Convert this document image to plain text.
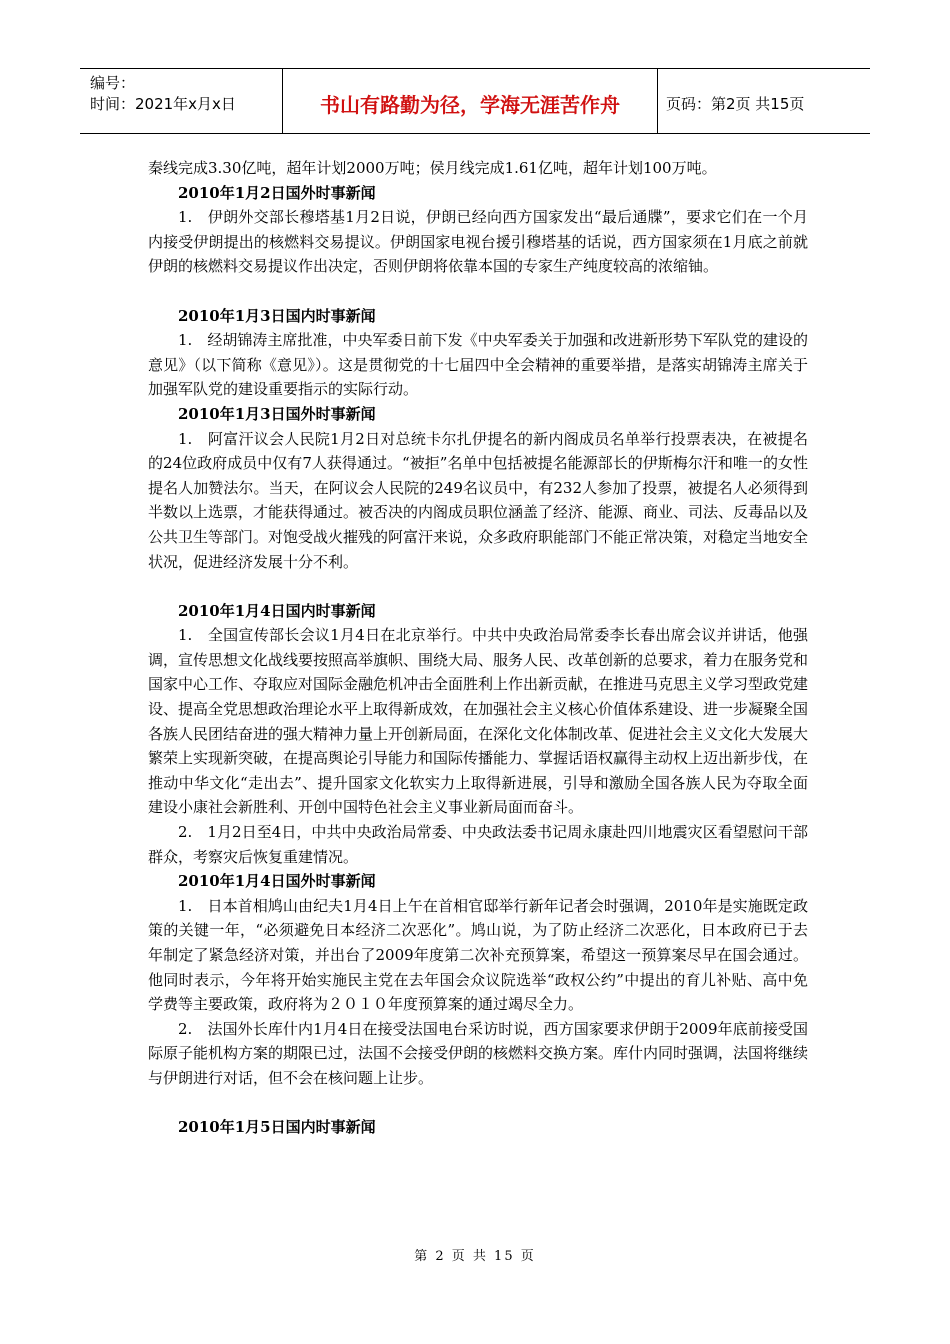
编号：
时间：2021年x月x日	书山有路勤为径，学海无涯苦作舟	页码：第2页 共15页

秦线完成3.30亿吨，超年计划2000万吨；侯月线完成1.61亿吨，超年计划100万吨。

2010年1月2日国外时事新闻

1.　伊朗外交部长穆塔基1月2日说，伊朗已经向西方国家发出“最后通牒”，要求它们在一个月内接受伊朗提出的核燃料交易提议。伊朗国家电视台援引穆塔基的话说，西方国家须在1月底之前就伊朗的核燃料交易提议作出决定，否则伊朗将依靠本国的专家生产纯度较高的浓缩铀。

2010年1月3日国内时事新闻

1.　经胡锦涛主席批准，中央军委日前下发《中央军委关于加强和改进新形势下军队党的建设的意见》（以下简称《意见》）。这是贯彻党的十七届四中全会精神的重要举措，是落实胡锦涛主席关于加强军队党的建设重要指示的实际行动。

2010年1月3日国外时事新闻

1.　阿富汗议会人民院1月2日对总统卡尔扎伊提名的新内阁成员名单举行投票表决，在被提名的24位政府成员中仅有7人获得通过。“被拒”名单中包括被提名能源部长的伊斯梅尔汗和唯一的女性提名人加赞法尔。当天，在阿议会人民院的249名议员中，有232人参加了投票，被提名人必须得到半数以上选票，才能获得通过。被否决的内阁成员职位涵盖了经济、能源、商业、司法、反毒品以及公共卫生等部门。对饱受战火摧残的阿富汗来说，众多政府职能部门不能正常决策，对稳定当地安全状况，促进经济发展十分不利。

2010年1月4日国内时事新闻

1.　全国宣传部长会议1月4日在北京举行。中共中央政治局常委李长春出席会议并讲话，他强调，宣传思想文化战线要按照高举旗帜、围绕大局、服务人民、改革创新的总要求，着力在服务党和国家中心工作、夺取应对国际金融危机冲击全面胜利上作出新贡献，在推进马克思主义学习型政党建设、提高全党思想政治理论水平上取得新成效，在加强社会主义核心价值体系建设、进一步凝聚全国各族人民团结奋进的强大精神力量上开创新局面，在深化文化体制改革、促进社会主义文化大发展大繁荣上实现新突破，在提高舆论引导能力和国际传播能力、掌握话语权赢得主动权上迈出新步伐，在推动中华文化“走出去”、提升国家文化软实力上取得新进展，引导和激励全国各族人民为夺取全面建设小康社会新胜利、开创中国特色社会主义事业新局面而奋斗。

2.　1月2日至4日，中共中央政治局常委、中央政法委书记周永康赴四川地震灾区看望慰问干部群众，考察灾后恢复重建情况。

2010年1月4日国外时事新闻

1.　日本首相鸠山由纪夫1月4日上午在首相官邸举行新年记者会时强调，2010年是实施既定政策的关键一年，“必须避免日本经济二次恶化”。鸠山说，为了防止经济二次恶化，日本政府已于去年制定了紧急经济对策，并出台了2009年度第二次补充预算案，希望这一预算案尽早在国会通过。他同时表示，今年将开始实施民主党在去年国会众议院选举“政权公约”中提出的育儿补贴、高中免学费等主要政策，政府将为２０１０年度预算案的通过竭尽全力。

2.　法国外长库什内1月4日在接受法国电台采访时说，西方国家要求伊朗于2009年底前接受国际原子能机构方案的期限已过，法国不会接受伊朗的核燃料交换方案。库什内同时强调，法国将继续与伊朗进行对话，但不会在核问题上让步。

2010年1月5日国内时事新闻

第 2 页 共 15 页
